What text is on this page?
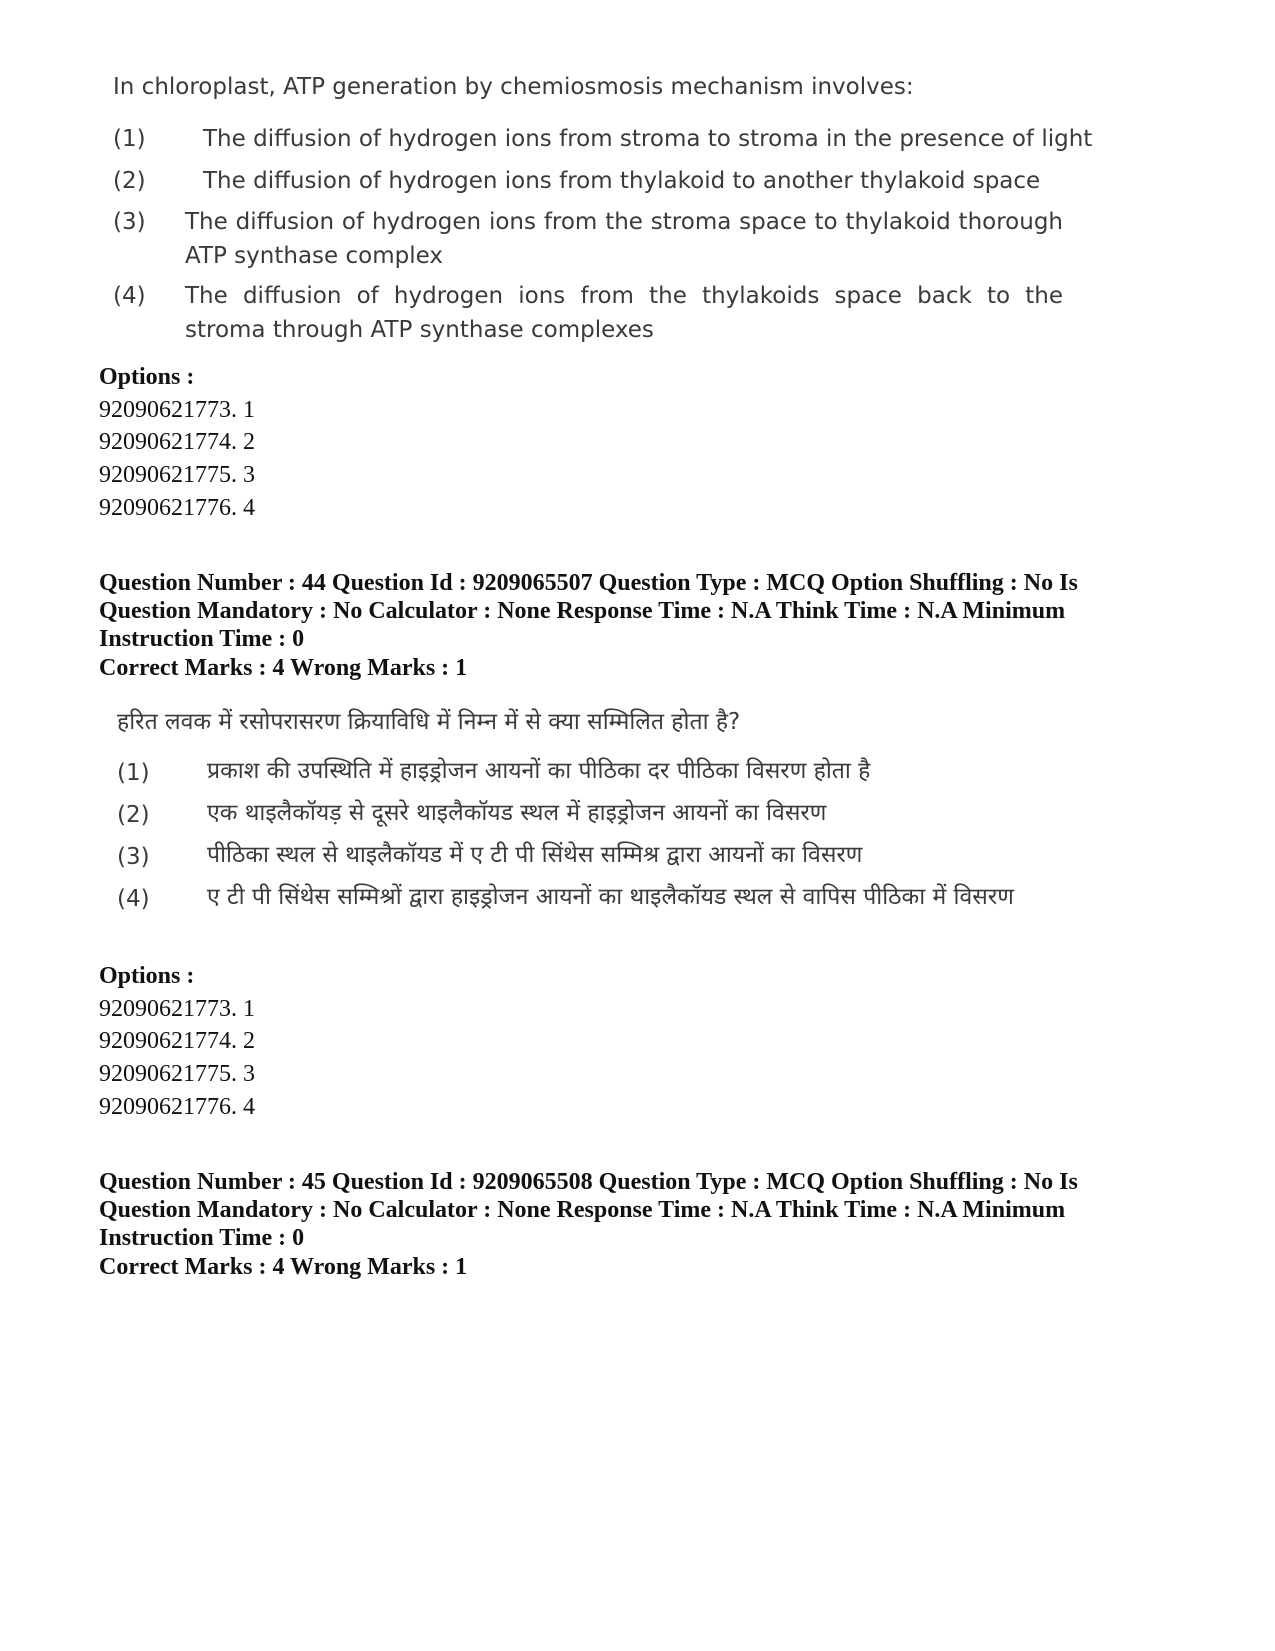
In chloroplast, ATP generation by chemiosmosis mechanism involves:
(1) The diffusion of hydrogen ions from stroma to stroma in the presence of light
(2) The diffusion of hydrogen ions from thylakoid to another thylakoid space
(3) The diffusion of hydrogen ions from the stroma space to thylakoid thorough ATP synthase complex
(4) The diffusion of hydrogen ions from the thylakoids space back to the stroma through ATP synthase complexes
Options :
92090621773. 1
92090621774. 2
92090621775. 3
92090621776. 4
Question Number : 44 Question Id : 9209065507 Question Type : MCQ Option Shuffling : No Is
Question Mandatory : No Calculator : None Response Time : N.A Think Time : N.A Minimum
Instruction Time : 0
Correct Marks : 4 Wrong Marks : 1
हरित लवक में रसोपरासरण क्रियाविधि में निम्न में से क्या सम्मिलित होता है?
(1) प्रकाश की उपस्थिति में हाइड्रोजन आयनों का पीठिका दर पीठिका विसरण होता है
(2) एक थाइलैकॉयड़ से दूसरे थाइलैकॉयड स्थल में हाइड्रोजन आयनों का विसरण
(3) पीठिका स्थल से थाइलैकॉयड में ए टी पी सिंथेस सम्मिश्र द्वारा आयनों का विसरण
(4) ए टी पी सिंथेस सम्मिश्रों द्वारा हाइड्रोजन आयनों का थाइलैकॉयड स्थल से वापिस पीठिका में विसरण
Options :
92090621773. 1
92090621774. 2
92090621775. 3
92090621776. 4
Question Number : 45 Question Id : 9209065508 Question Type : MCQ Option Shuffling : No Is
Question Mandatory : No Calculator : None Response Time : N.A Think Time : N.A Minimum
Instruction Time : 0
Correct Marks : 4 Wrong Marks : 1
